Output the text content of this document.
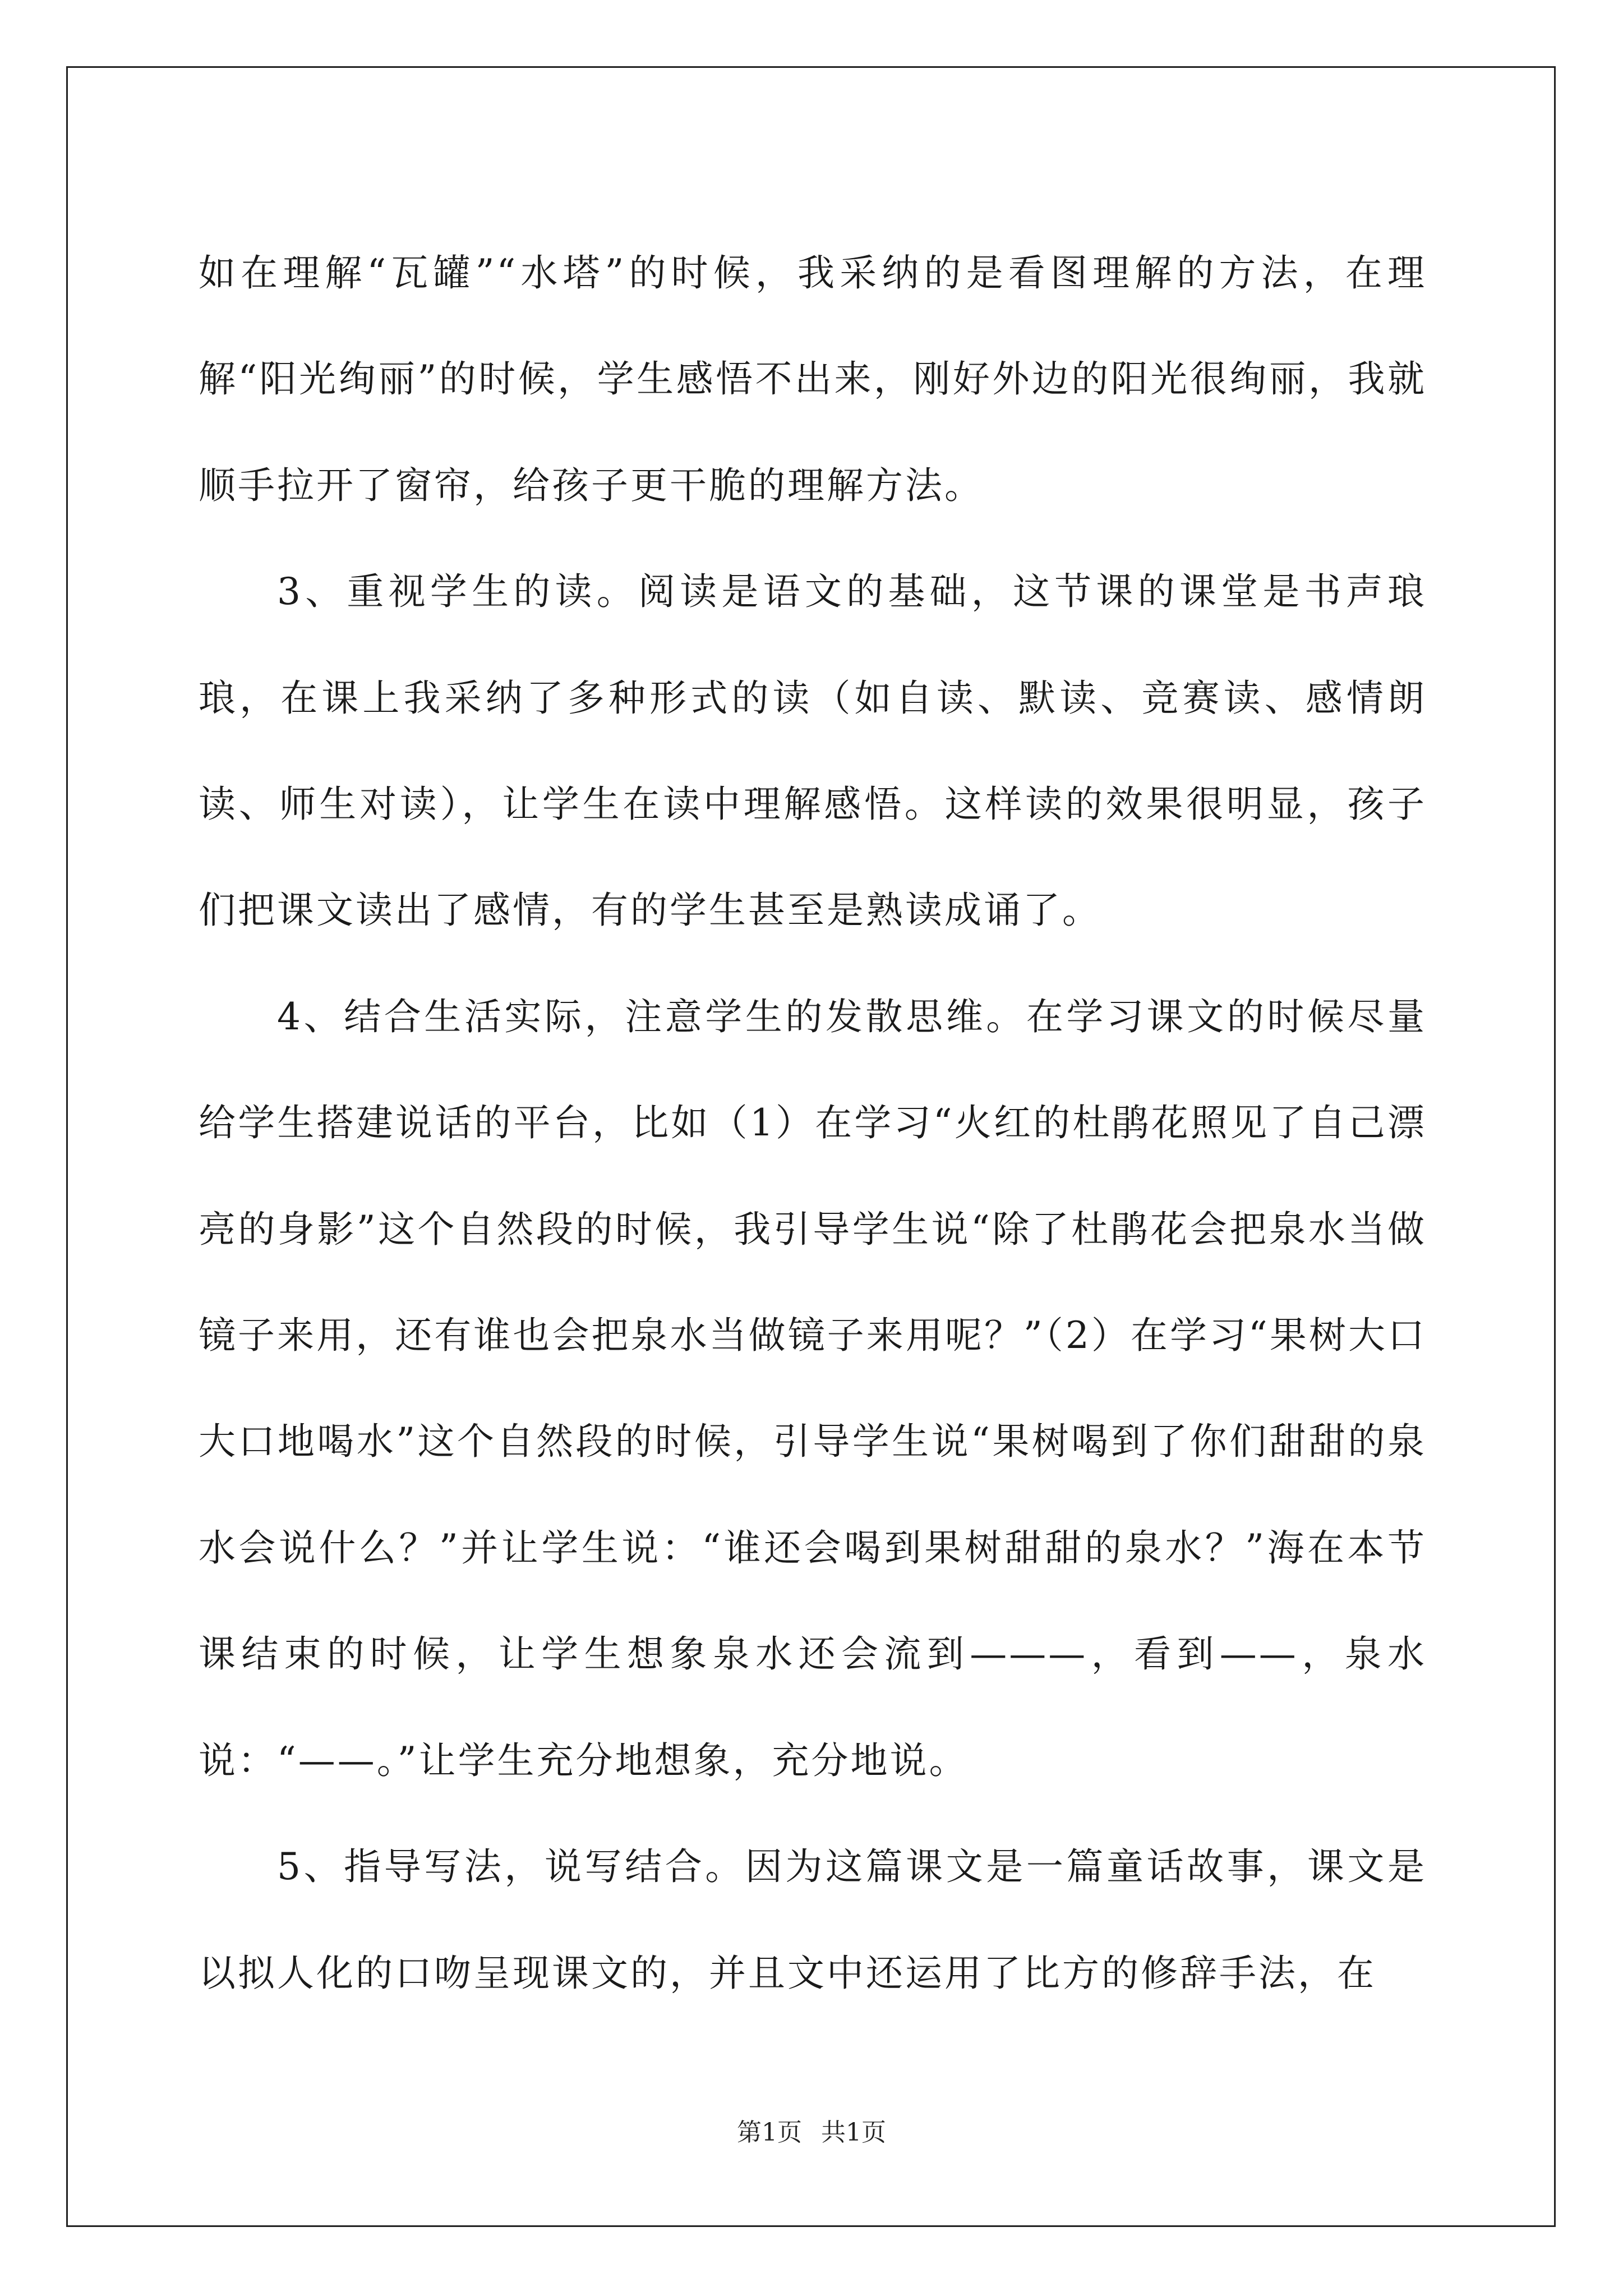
如在理解“瓦罐”“水塔”的时候，我采纳的是看图理解的方法，在理解“阳光绚丽”的时候，学生感悟不出来，刚好外边的阳光很绚丽，我就顺手拉开了窗帘，给孩子更干脆的理解方法。

3、重视学生的读。阅读是语文的基础，这节课的课堂是书声琅琅，在课上我采纳了多种形式的读（如自读、默读、竞赛读、感情朗读、师生对读），让学生在读中理解感悟。这样读的效果很明显，孩子们把课文读出了感情，有的学生甚至是熟读成诵了。

4、结合生活实际，注意学生的发散思维。在学习课文的时候尽量给学生搭建说话的平台，比如（1）在学习“火红的杜鹃花照见了自己漂亮的身影”这个自然段的时候，我引导学生说“除了杜鹃花会把泉水当做镜子来用，还有谁也会把泉水当做镜子来用呢？”（2）在学习“果树大口大口地喝水”这个自然段的时候，引导学生说“果树喝到了你们甜甜的泉水会说什么？”并让学生说：“谁还会喝到果树甜甜的泉水？”海在本节课结束的时候，让学生想象泉水还会流到———，看到——，泉水说：“——。”让学生充分地想象，充分地说。

5、指导写法，说写结合。因为这篇课文是一篇童话故事，课文是以拟人化的口吻呈现课文的，并且文中还运用了比方的修辞手法，在

第1页 共1页
